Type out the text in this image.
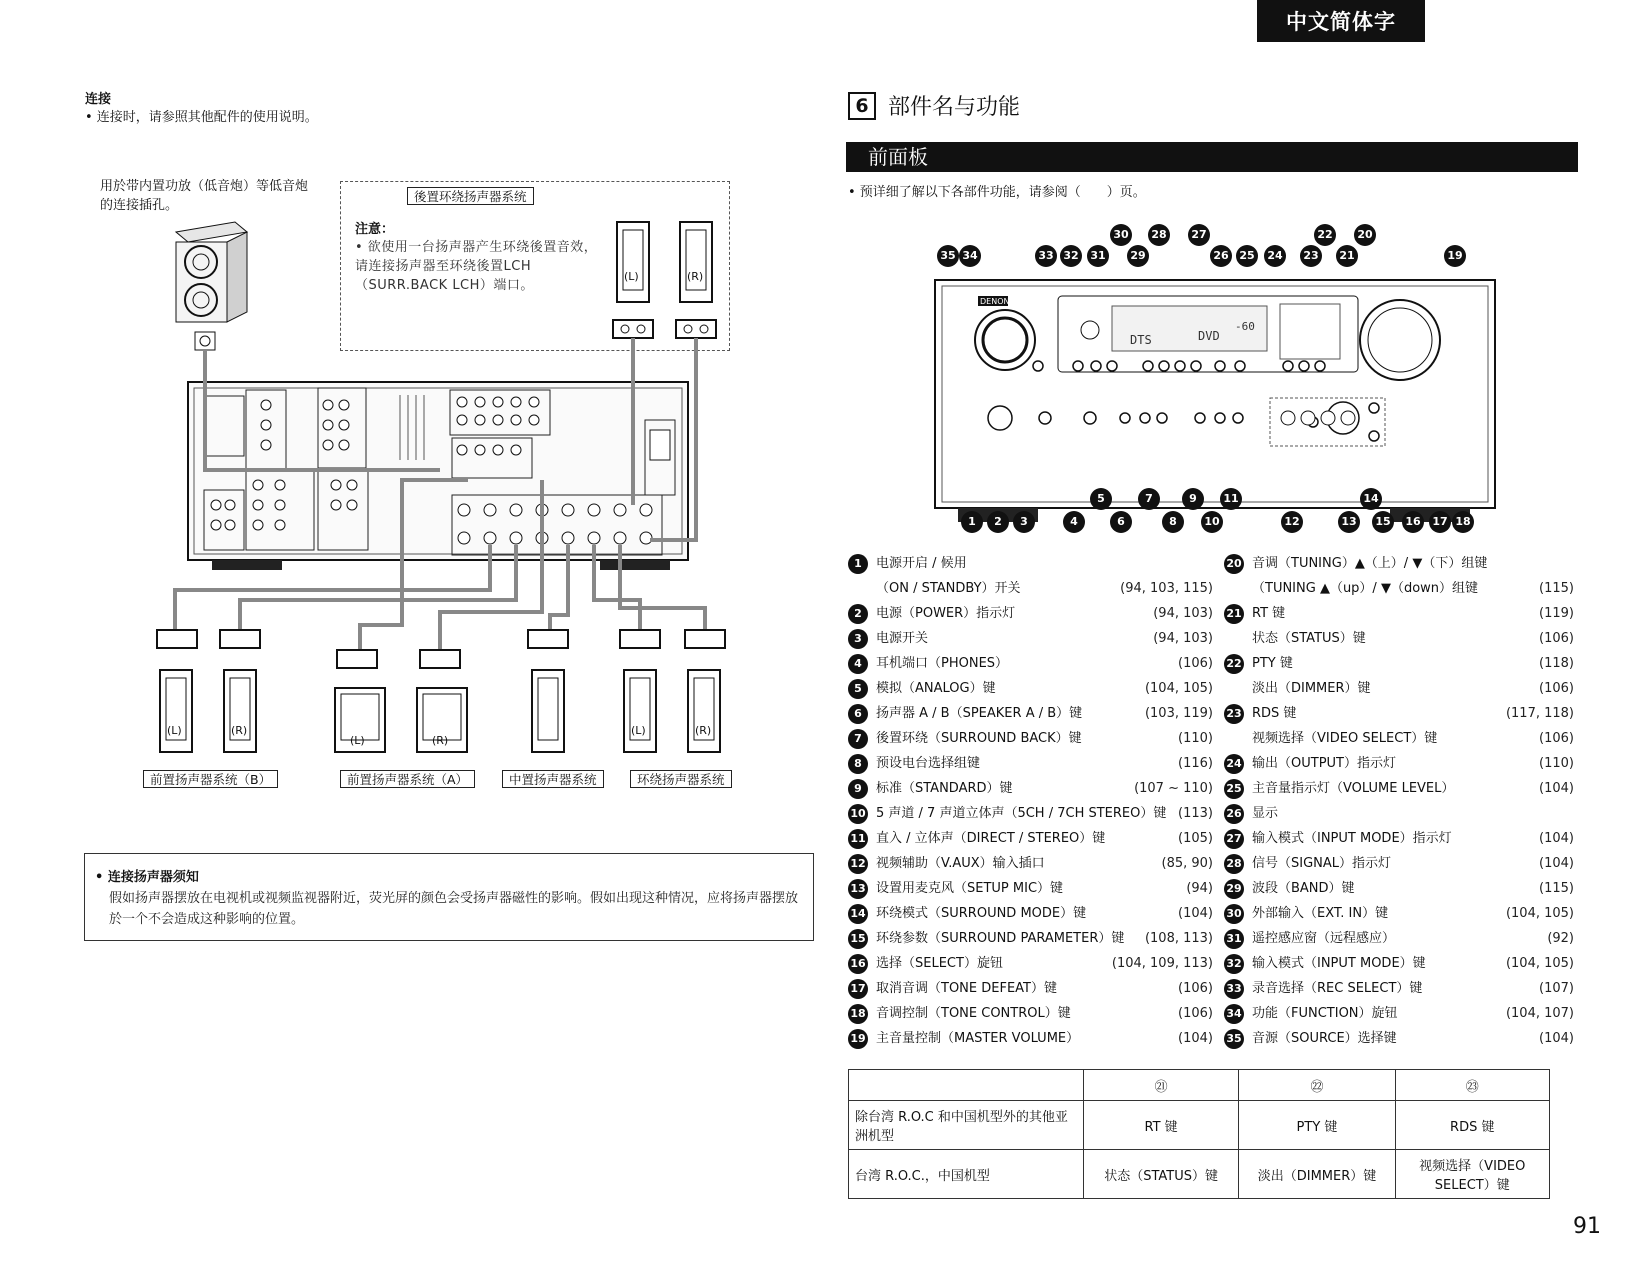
中文简体字
连接
• 连接时，请参照其他配件的使用说明。
用於带内置功放（低音炮）等低音炮的连接插孔。
後置环绕扬声器系统
注意：
• 欲使用一台扬声器产生环绕後置音效，请连接扬声器至环绕後置LCH（SURR.BACK LCH）端口。
(L)	(R)
(L)	(R)
(L)	(R)
(L)	(R)
前置扬声器系统（B）	前置扬声器系统（A）	中置扬声器系统	环绕扬声器系统
• 连接扬声器须知
假如扬声器摆放在电视机或视频监视器附近，荧光屏的颜色会受扬声器磁性的影响。假如出现这种情况，应将扬声器摆放於一个不会造成这种影响的位置。
6 部件名与功能
前面板
• 预详细了解以下各部件功能，请参阅（　　）页。
DENON
DTS	DVD
-60
35 34	33 32	31
30
29
28	27
26 25	24	23
22
21
20
19
1	2	3	4
5
6
7
8
9
10
11
12	13
14
15	16	17 18
1	电源开启 / 候用
（ON / STANDBY）开关	(94, 103, 115)
2	电源（POWER）指示灯	(94, 103)
3	电源开关	(94, 103)
4	耳机端口（PHONES）	(106)
5	模拟（ANALOG）键	(104, 105)
6	扬声器 A / B（SPEAKER A / B）键	(103, 119)
7	後置环绕（SURROUND BACK）键	(110)
8	预设电台选择组键	(116)
9	标准（STANDARD）键	(107 ~ 110)
10 5 声道 / 7 声道立体声（5CH / 7CH STEREO）键 (113)
11 直入 / 立体声（DIRECT / STEREO）键	(105)
12 视频辅助（V.AUX）输入插口	(85, 90)
13 设置用麦克风（SETUP MIC）键	(94)
14 环绕模式（SURROUND MODE）键	(104)
15 环绕参数（SURROUND PARAMETER）键	(108, 113)
16 选择（SELECT）旋钮	(104, 109, 113)
17 取消音调（TONE DEFEAT）键	(106)
18 音调控制（TONE CONTROL）键	(106)
19 主音量控制（MASTER VOLUME）	(104)
20 音调（TUNING）▲（上）/ ▼（下）组键
（TUNING ▲（up）/ ▼（down）组键	(115)
21 RT 键	(119)
状态（STATUS）键	(106)
22 PTY 键	(118)
淡出（DIMMER）键	(106)
23 RDS 键	(117, 118)
视频选择（VIDEO SELECT）键	(106)
24 输出（OUTPUT）指示灯	(110)
25 主音量指示灯（VOLUME LEVEL）	(104)
26 显示
27 输入模式（INPUT MODE）指示灯	(104)
28 信号（SIGNAL）指示灯	(104)
29 波段（BAND）键	(115)
30 外部输入（EXT. IN）键	(104, 105)
31 遥控感应窗（远程感应）	(92)
32 输入模式（INPUT MODE）键	(104, 105)
33 录音选择（REC SELECT）键	(107)
34 功能（FUNCTION）旋钮	(104, 107)
35 音源（SOURCE）选择键	(104)
	㉑	㉒	㉓
除台湾 R.O.C 和中国机型外的其他亚洲机型	RT 键	PTY 键	RDS 键
台湾 R.O.C.，中国机型	状态（STATUS）键	淡出（DIMMER）键	视频选择（VIDEO SELECT）键
91
